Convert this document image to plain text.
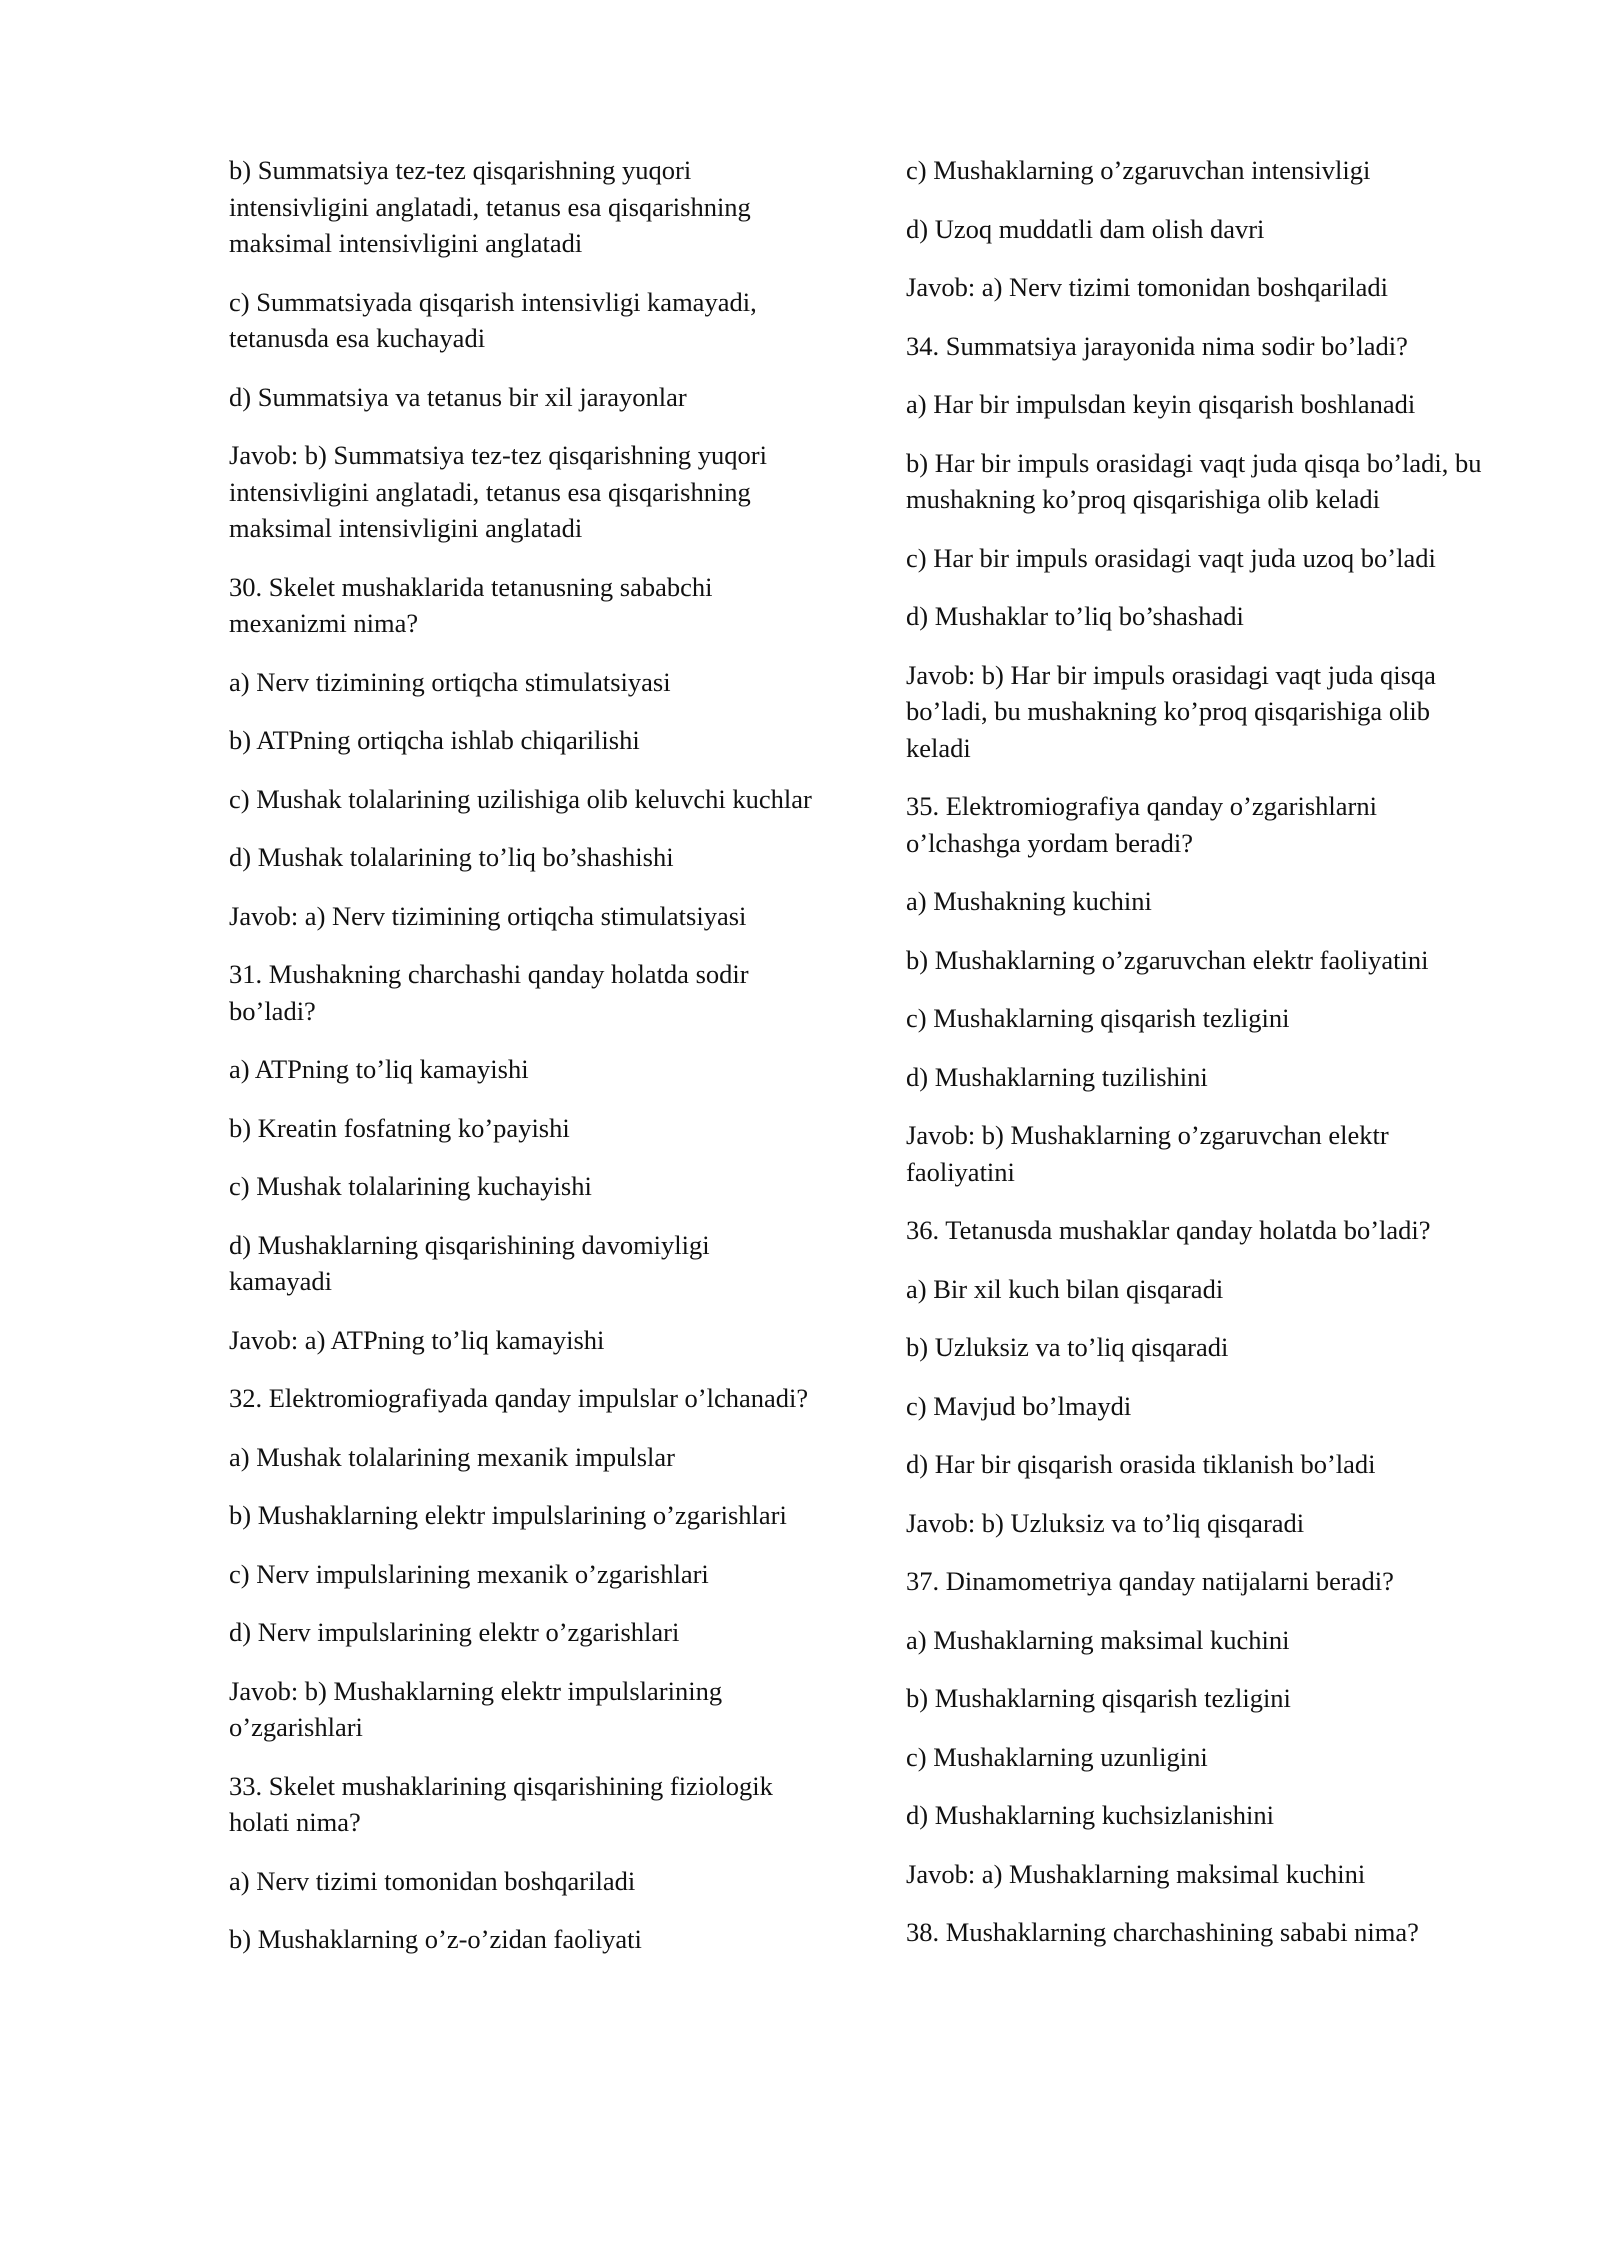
b) Summatsiya tez-tez qisqarishning yuqori intensivligini anglatadi, tetanus esa qisqarishning maksimal intensivligini anglatadi

c) Summatsiyada qisqarish intensivligi kamayadi, tetanusda esa kuchayadi

d) Summatsiya va tetanus bir xil jarayonlar

Javob: b) Summatsiya tez-tez qisqarishning yuqori intensivligini anglatadi, tetanus esa qisqarishning maksimal intensivligini anglatadi

30. Skelet mushaklarida tetanusning sababchi mexanizmi nima?

a) Nerv tizimining ortiqcha stimulatsiyasi

b) ATPning ortiqcha ishlab chiqarilishi

c) Mushak tolalarining uzilishiga olib keluvchi kuchlar

d) Mushak tolalarining to’liq bo’shashishi

Javob: a) Nerv tizimining ortiqcha stimulatsiyasi

31. Mushakning charchashi qanday holatda sodir bo’ladi?

a) ATPning to’liq kamayishi

b) Kreatin fosfatning ko’payishi

c) Mushak tolalarining kuchayishi

d) Mushaklarning qisqarishining davomiyligi kamayadi

Javob: a) ATPning to’liq kamayishi

32. Elektromiografiyada qanday impulslar o’lchanadi?

a) Mushak tolalarining mexanik impulslar

b) Mushaklarning elektr impulslarining o’zgarishlari

c) Nerv impulslarining mexanik o’zgarishlari

d) Nerv impulslarining elektr o’zgarishlari

Javob: b) Mushaklarning elektr impulslarining o’zgarishlari

33. Skelet mushaklarining qisqarishining fiziologik holati nima?

a) Nerv tizimi tomonidan boshqariladi

b) Mushaklarning o’z-o’zidan faoliyati

c) Mushaklarning o’zgaruvchan intensivligi

d) Uzoq muddatli dam olish davri

Javob: a) Nerv tizimi tomonidan boshqariladi

34. Summatsiya jarayonida nima sodir bo’ladi?

a) Har bir impulsdan keyin qisqarish boshlanadi

b) Har bir impuls orasidagi vaqt juda qisqa bo’ladi, bu mushakning ko’proq qisqarishiga olib keladi

c) Har bir impuls orasidagi vaqt juda uzoq bo’ladi

d) Mushaklar to’liq bo’shashadi

Javob: b) Har bir impuls orasidagi vaqt juda qisqa bo’ladi, bu mushakning ko’proq qisqarishiga olib keladi

35. Elektromiografiya qanday o’zgarishlarni o’lchashga yordam beradi?

a) Mushakning kuchini

b) Mushaklarning o’zgaruvchan elektr faoliyatini

c) Mushaklarning qisqarish tezligini

d) Mushaklarning tuzilishini

Javob: b) Mushaklarning o’zgaruvchan elektr faoliyatini

36. Tetanusda mushaklar qanday holatda bo’ladi?

a) Bir xil kuch bilan qisqaradi

b) Uzluksiz va to’liq qisqaradi

c) Mavjud bo’lmaydi

d) Har bir qisqarish orasida tiklanish bo’ladi

Javob: b) Uzluksiz va to’liq qisqaradi

37. Dinamometriya qanday natijalarni beradi?

a) Mushaklarning maksimal kuchini

b) Mushaklarning qisqarish tezligini

c) Mushaklarning uzunligini

d) Mushaklarning kuchsizlanishini

Javob: a) Mushaklarning maksimal kuchini

38. Mushaklarning charchashining sababi nima?
